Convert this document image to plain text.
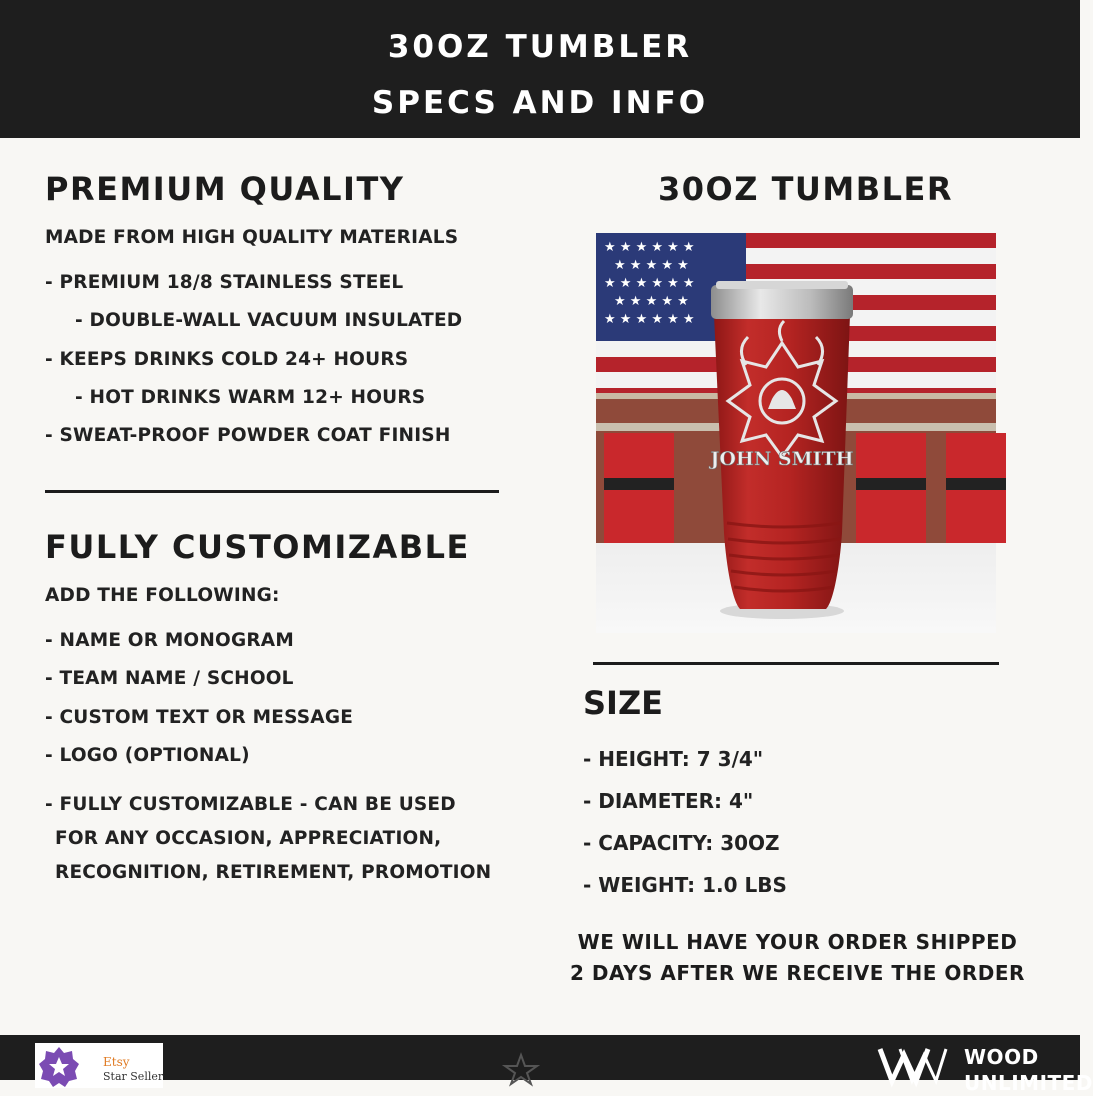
30OZ TUMBLER
SPECS AND INFO
PREMIUM QUALITY
MADE FROM HIGH QUALITY MATERIALS
- PREMIUM 18/8 STAINLESS STEEL
- DOUBLE-WALL VACUUM INSULATED
- KEEPS DRINKS COLD 24+ HOURS
- HOT DRINKS WARM 12+ HOURS
- SWEAT-PROOF POWDER COAT FINISH
FULLY CUSTOMIZABLE
ADD THE FOLLOWING:
- NAME OR MONOGRAM
- TEAM NAME / SCHOOL
- CUSTOM TEXT OR MESSAGE
- LOGO (OPTIONAL)
- FULLY CUSTOMIZABLE - CAN BE USED
FOR ANY OCCASION, APPRECIATION,
RECOGNITION, RETIREMENT, PROMOTION
30OZ TUMBLER
★ ★ ★ ★ ★ ★
★ ★ ★ ★ ★
★ ★ ★ ★ ★ ★
★ ★ ★ ★ ★
★ ★ ★ ★ ★ ★
JOHN SMITH
SIZE
- HEIGHT: 7 3/4"
- DIAMETER: 4"
- CAPACITY: 30OZ
- WEIGHT: 1.0 LBS
WE WILL HAVE YOUR ORDER SHIPPED
2 DAYS AFTER WE RECEIVE THE ORDER
Etsy
Star Seller
WOOD
UNLIMITED
